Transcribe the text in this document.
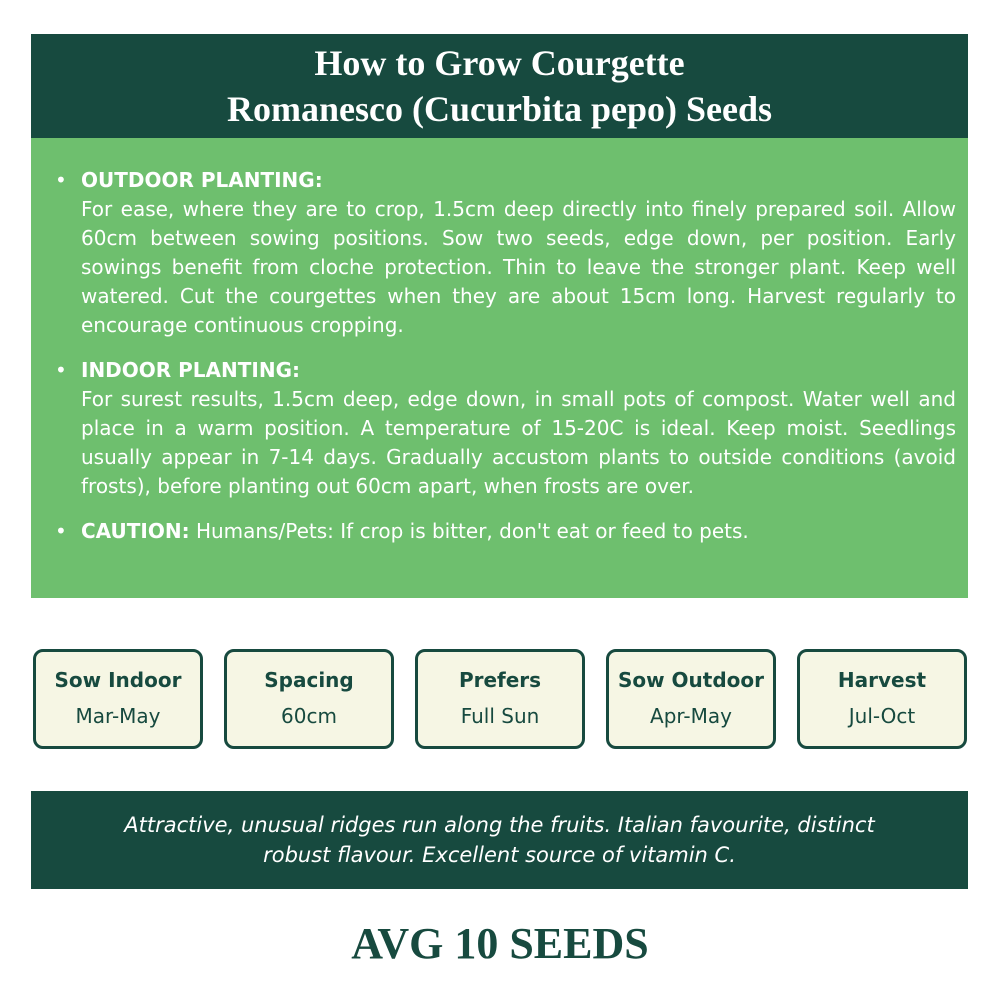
How to Grow Courgette
Romanesco (Cucurbita pepo) Seeds
• OUTDOOR PLANTING:
For ease, where they are to crop, 1.5cm deep directly into finely prepared soil. Allow 60cm between sowing positions. Sow two seeds, edge down, per position. Early sowings benefit from cloche protection. Thin to leave the stronger plant. Keep well watered. Cut the courgettes when they are about 15cm long. Harvest regularly to encourage continuous cropping.
• INDOOR PLANTING:
For surest results, 1.5cm deep, edge down, in small pots of compost. Water well and place in a warm position. A temperature of 15-20C is ideal. Keep moist. Seedlings usually appear in 7-14 days. Gradually accustom plants to outside conditions (avoid frosts), before planting out 60cm apart, when frosts are over.
• CAUTION: Humans/Pets: If crop is bitter, don't eat or feed to pets.
Sow Indoor
Mar-May
Spacing
60cm
Prefers
Full Sun
Sow Outdoor
Apr-May
Harvest
Jul-Oct
Attractive, unusual ridges run along the fruits. Italian favourite, distinct
robust flavour. Excellent source of vitamin C.
AVG 10 SEEDS
